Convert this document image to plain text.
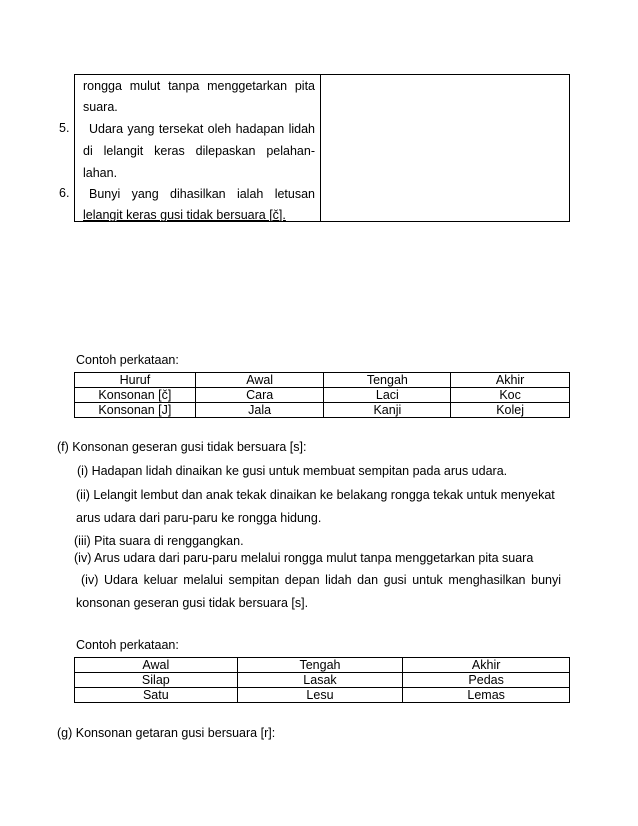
rongga mulut tanpa menggetarkan pita
suara.
Udara yang tersekat oleh hadapan lidah
di lelangit keras dilepaskan pelahan-
lahan.
Bunyi yang dihasilkan ialah letusan
lelangit keras gusi tidak bersuara [č].
5.
6.
Contoh perkataan:
Huruf	Awal	Tengah	Akhir
Konsonan [č]	Cara	Laci	Koc
Konsonan [J]	Jala	Kanji	Kolej
(f) Konsonan geseran gusi tidak bersuara [s]:
(i) Hadapan lidah dinaikan ke gusi untuk membuat sempitan pada arus udara.
(ii) Lelangit lembut dan anak tekak dinaikan ke belakang rongga tekak untuk menyekat
arus udara dari paru-paru ke rongga hidung.
(iii) Pita suara di renggangkan.
(iv) Arus udara dari paru-paru melalui rongga mulut tanpa menggetarkan pita suara
(iv) Udara keluar melalui sempitan depan lidah dan gusi untuk menghasilkan bunyi
konsonan geseran gusi tidak bersuara [s].
Contoh perkataan:
Awal	Tengah	Akhir
Silap	Lasak	Pedas
Satu	Lesu	Lemas
(g) Konsonan getaran gusi bersuara [r]:
